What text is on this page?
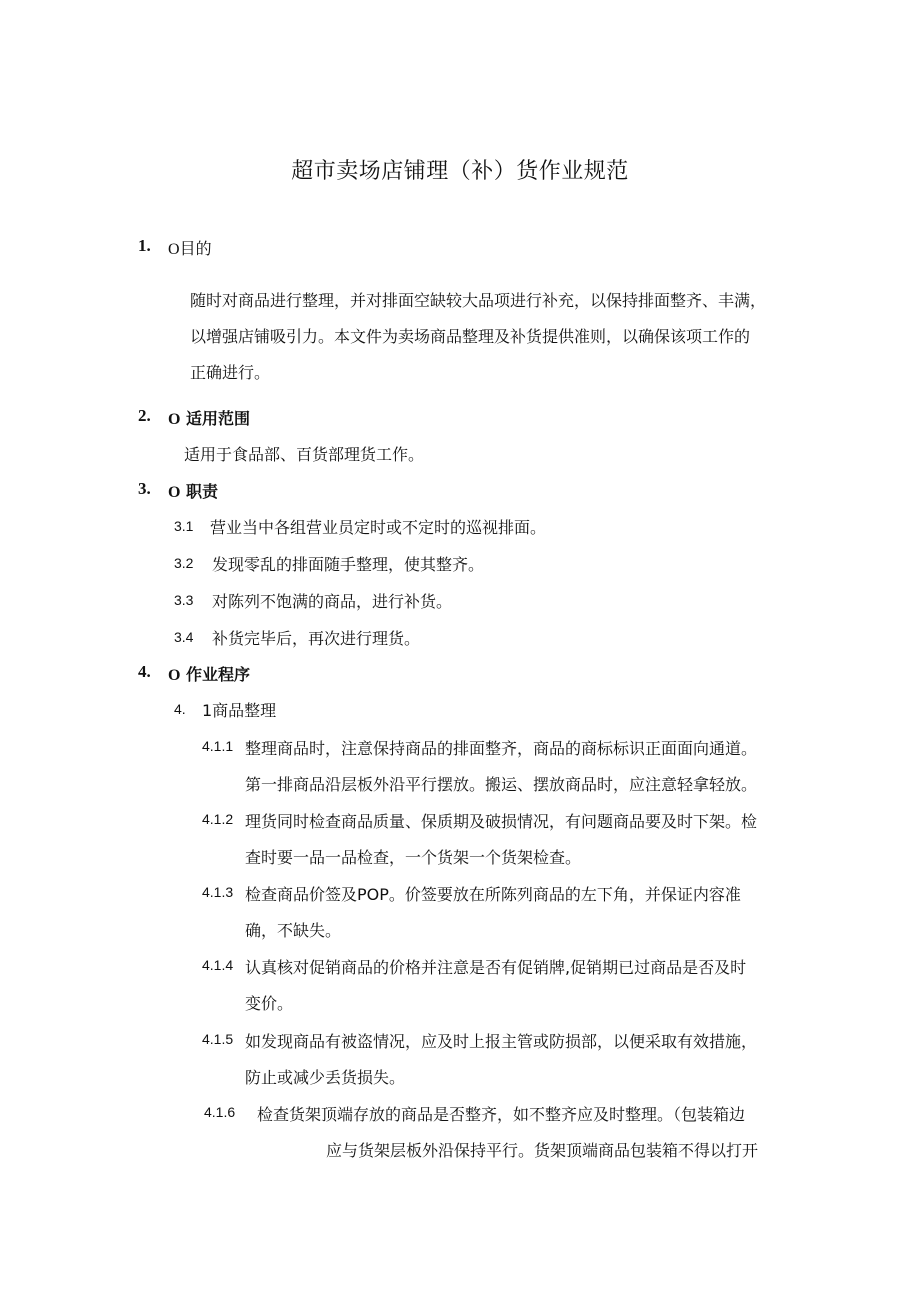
超市卖场店铺理（补）货作业规范
1. O目的
随时对商品进行整理，并对排面空缺较大品项进行补充，以保持排面整齐、丰满，
以增强店铺吸引力。本文件为卖场商品整理及补货提供准则，以确保该项工作的
正确进行。
2. O 适用范围
适用于食品部、百货部理货工作。
3. O 职责
3.1 营业当中各组营业员定时或不定时的巡视排面。
3.2 发现零乱的排面随手整理，使其整齐。
3.3 对陈列不饱满的商品，进行补货。
3.4 补货完毕后，再次进行理货。
4. O 作业程序
4. 1商品整理
4.1.1 整理商品时，注意保持商品的排面整齐，商品的商标标识正面面向通道。
第一排商品沿层板外沿平行摆放。搬运、摆放商品时，应注意轻拿轻放。
4.1.2 理货同时检查商品质量、保质期及破损情况，有问题商品要及时下架。检
查时要一品一品检查，一个货架一个货架检查。
4.1.3 检查商品价签及POP。价签要放在所陈列商品的左下角，并保证内容准
确，不缺失。
4.1.4 认真核对促销商品的价格并注意是否有促销牌,促销期已过商品是否及时
变价。
4.1.5 如发现商品有被盗情况，应及时上报主管或防损部，以便采取有效措施，
防止或减少丢货损失。
4.1.6 检查货架顶端存放的商品是否整齐，如不整齐应及时整理。（包装箱边
应与货架层板外沿保持平行。货架顶端商品包装箱不得以打开
